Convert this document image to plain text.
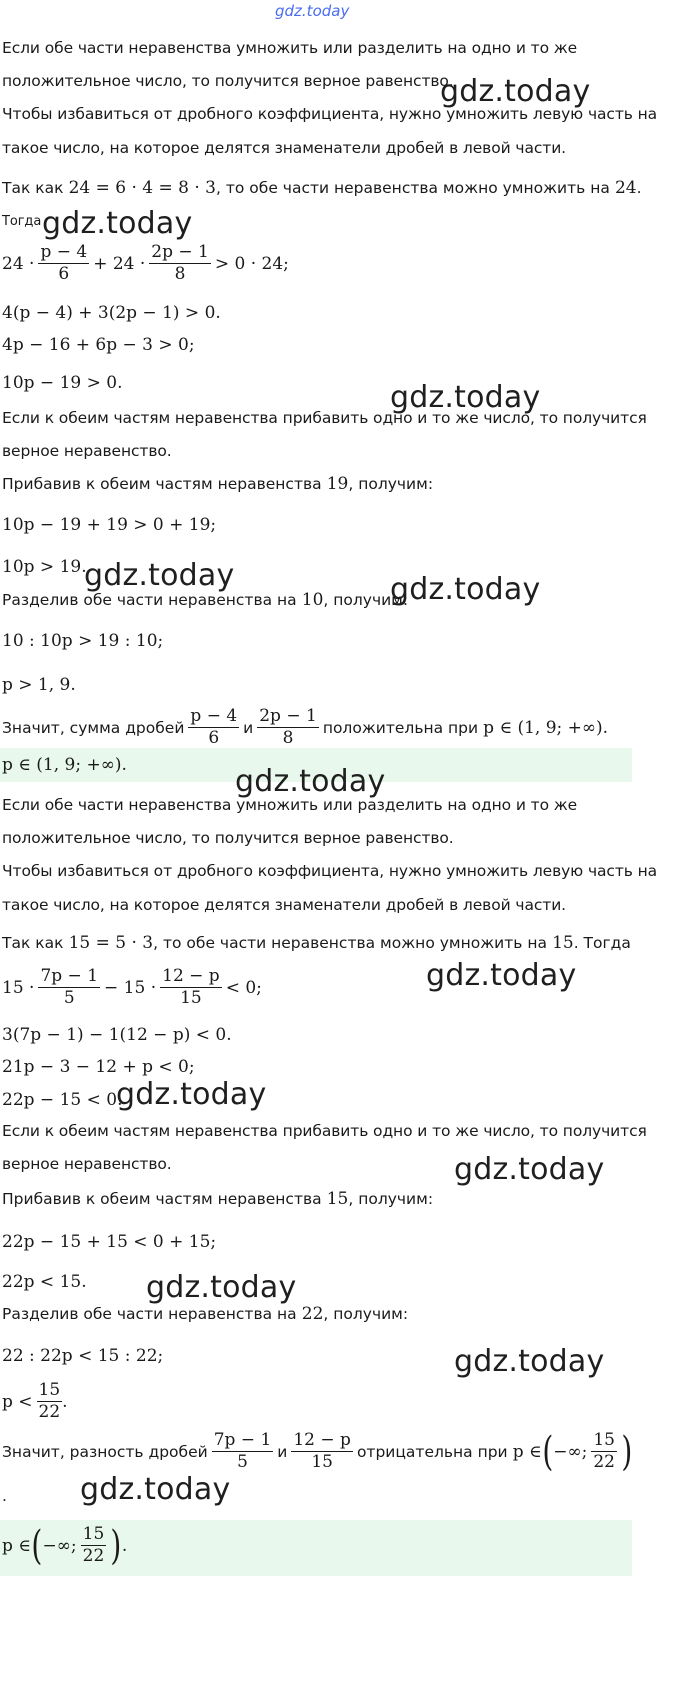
gdz.today
Если обе части неравенства умножить или разделить на одно и то же
положительное число, то получится верное равенство.
Чтобы избавиться от дробного коэффициента, нужно умножить левую часть на
такое число, на которое делятся знаменатели дробей в левой части.
Так как
24 = 6 · 4 = 8 · 3 , то обе части неравенства можно умножить на
24 .
Тогда
$24 \cdot \frac{p - 4}{6} + 24 \cdot \frac{2p - 1}{8} > 0 \cdot 24$;
4(p − 4) + 3(2p − 1) > 0.
4p − 16 + 6p − 3 > 0;
10p − 19 > 0.
Если к обеим частям неравенства прибавить одно и то же число, то получится
верное неравенство.
Прибавив к обеим частям неравенства
19 , получим:
10p − 19 + 19 > 0 + 19;
10p > 19.
Разделив обе части неравенства на
10 , получим:
10 : 10p > 19 : 10;
p > 1, 9.
Значит, сумма дробей $\frac{p - 4}{6}$ и $\frac{2p - 1}{8}$ положительна при
p ∈ (1, 9; +∞).
p ∈ (1, 9; +∞).
Если обе части неравенства умножить или разделить на одно и то же
положительное число, то получится верное равенство.
Чтобы избавиться от дробного коэффициента, нужно умножить левую часть на
такое число, на которое делятся знаменатели дробей в левой части.
Так как
15 = 5 · 3 , то обе части неравенства можно умножить на
15 . Тогда
$15 \cdot \frac{7p - 1}{5} - 15 \cdot \frac{12 - p}{15} < 0$;
3(7p − 1) − 1(12 − p) < 0.
21p − 3 − 12 + p < 0;
22p − 15 < 0.
Если к обеим частям неравенства прибавить одно и то же число, то получится
верное неравенство.
Прибавив к обеим частям неравенства
15 , получим:
22p − 15 + 15 < 0 + 15;
22p < 15.
Разделив обе части неравенства на
22 , получим:
22 : 22p < 15 : 22;
$p < \frac{15}{22}$ .
Значит, разность дробей $\frac{7p - 1}{5}$ и $\frac{12 - p}{15}$ отрицательна при
p ∈ ( −∞; $\frac{15}{22}$ )
.
p ∈ ( −∞; $\frac{15}{22}$ ) .
gdz.today
gdz.today
gdz.today
gdz.today	gdz.today
gdz.today
gdz.today
gdz.today
gdz.today
gdz.today
gdz.today
gdz.today
